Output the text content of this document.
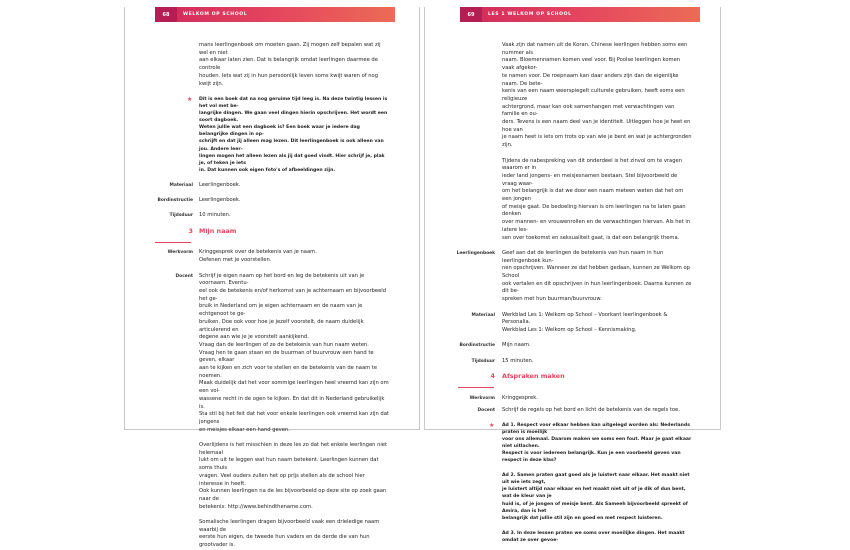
68	WELKOM OP SCHOOL

mans leerlingenboek om moeten gaan. Zij mogen zelf bepalen wat zij wel en niet

aan elkaar laten zien. Dat is belangrijk omdat leerlingen daarmee de controle

houden. Iets wat zij in hun persoonlijk leven soms kwijt waren of nog kwijt zijn.

★ Dit is een boek dat na nog geruime tijd leeg is. Na deze twintig lessen is het vol met be-

langrijke dingen. We gaan veel dingen hierin opschrijven. Het wordt een soort dagboek.

Weten jullie wat een dagboek is? Een boek waar je iedere dag belangrijke dingen in op-

schrijft en dat jij alleen mag lezen. Dit leerlingenboek is ook alleen van jou. Andere leer-

lingen mogen het alleen lezen als jij dat goed vindt. Hier schrijf je, plak je, of teken je iets

in. Dat kunnen ook eigen foto's of afbeeldingen zijn.

Materiaal Leerlingenboek.

Bordinstructie Leerlingenboek.

Tijdsduur 10 minuten.

3 Mijn naam
Werkvorm Kringgesprek over de betekenis van je naam.

Oefenen met je voorstellen.

Docent Schrijf je eigen naam op het bord en leg de betekenis uit van je voornaam. Eventu-

eel ook de betekenis en/of herkomst van je achternaam en bijvoorbeeld het ge-

bruik in Nederland om je eigen achternaam en de naam van je echtgenoot te ge-

bruiken. Doe ook voor hoe je jezelf voorstelt, de naam duidelijk articulerend en

degene aan wie je je voorstelt aankijkend.

Vraag dan de leerlingen of ze de betekenis van hun naam weten.

Vraag hen te gaan staan en de buurman of buurvrouw een hand te geven, elkaar

aan te kijken en zich voor te stellen en de betekenis van de naam te noemen.

Maak duidelijk dat het voor sommige leerlingen heel vreemd kan zijn om een vol-

wassene recht in de ogen te kijken. En dat dit in Nederland gebruikelijk is.

Sta stil bij het feit dat het voor enkele leerlingen ook vreemd kan zijn dat jongens

en meisjes elkaar een hand geven.

Overlijdens is het misschien in deze les zo dat het enkele leerlingen niet helemaal

lukt om uit te leggen wat hun naam betekent. Leerlingen kunnen dat soms thuis

vragen. Veel ouders zullen het op prijs stellen als de school hier interesse in heeft.

Ook kunnen leerlingen na de les bijvoorbeeld op deze site op zoek gaan naar de

betekenis: http://www.behindthename.com.

Somalische leerlingen dragen bijvoorbeeld vaak een drieledige naam waarbij de

eerste hun eigen, de tweede hun vaders en de derde die van hun grootvader is.

69	LES 1 WELKOM OP SCHOOL

Vaak zijn dat namen uit de Koran. Chinese leerlingen hebben soms een nummer als

naam. Bloemennamen komen veel voor. Bij Poolse leerlingen komen vaak afgekor-

te namen voor. De roepnaam kan daar anders zijn dan de eigenlijke naam. De bete-

kenis van een naam weerspiegelt culturele gebruiken, heeft soms een religieuze

achtergrond, maar kan ook samenhangen met verwachtingen van familie en ou-

ders. Tevens is een naam deel van je identiteit. Uitleggen hoe je heet en hoe van

je naam heet is iets om trots op van wie je bent en wat je achtergronden zijn.

Tijdens de nabespreking van dit onderdeel is het zinvol om te vragen waarom er in

ieder land jongens- en meisjesnamen bestaan. Stel bijvoorbeeld de vraag waar-

om het belangrijk is dat we door een naam meteen weten dat het om een jongen

of meisje gaat. De bedoeling hiervan is om leerlingen na te laten gaan denken

over mannen- en vrouwenrollen en de verwachtingen hiervan. Als het in latere les-

sen over toekomst en seksualiteit gaat, is dat een belangrijk thema.

Leerlingenboek Geef aan dat de leerlingen de betekenis van hun naam in hun leerlingenboek kun-

nen opschrijven. Wanneer ze dat hebben gedaan, kunnen ze Welkom op School

ook vertalen en dit opschrijven in hun leerlingenboek. Daarna kunnen ze dit be-

spreken met hun buurman/buurvrouw.

Materiaal Werkblad Les 1: Welkom op School – Voorkant leerlingenboek & Personalia.

Werkblad Les 1: Welkom op School – Kennismaking.

Bordinstructie Mijn naam.

Tijdsduur 15 minuten.

4 Afspraken maken
Werkvorm Kringgesprek.

Docent Schrijf de regels op het bord en licht de betekenis van de regels toe.

★ Ad 1. Respect voor elkaar hebben kan uitgelegd worden als: Nederlands praten is moeilijk

voor ons allemaal. Daarom maken we soms een fout. Maar je gaat elkaar niet uitlachen.

Respect is voor iedereen belangrijk. Kun je een voorbeeld geven van respect in deze klas?

Ad 2. Samen praten gaat goed als je luistert naar elkaar. Het maakt niet uit wie iets zegt,

je luistert altijd naar elkaar en het maakt niet uit of je dik of dun bent, wat de kleur van je

huid is, of je jongen of meisje bent. Als Sameeh bijvoorbeeld spreekt of Amira, dan is het

belangrijk dat jullie stil zijn en goed en met respect luisteren.

Ad 3. In deze lessen praten we soms over moeilijke dingen. Het maakt omdat ze over gevoe-
